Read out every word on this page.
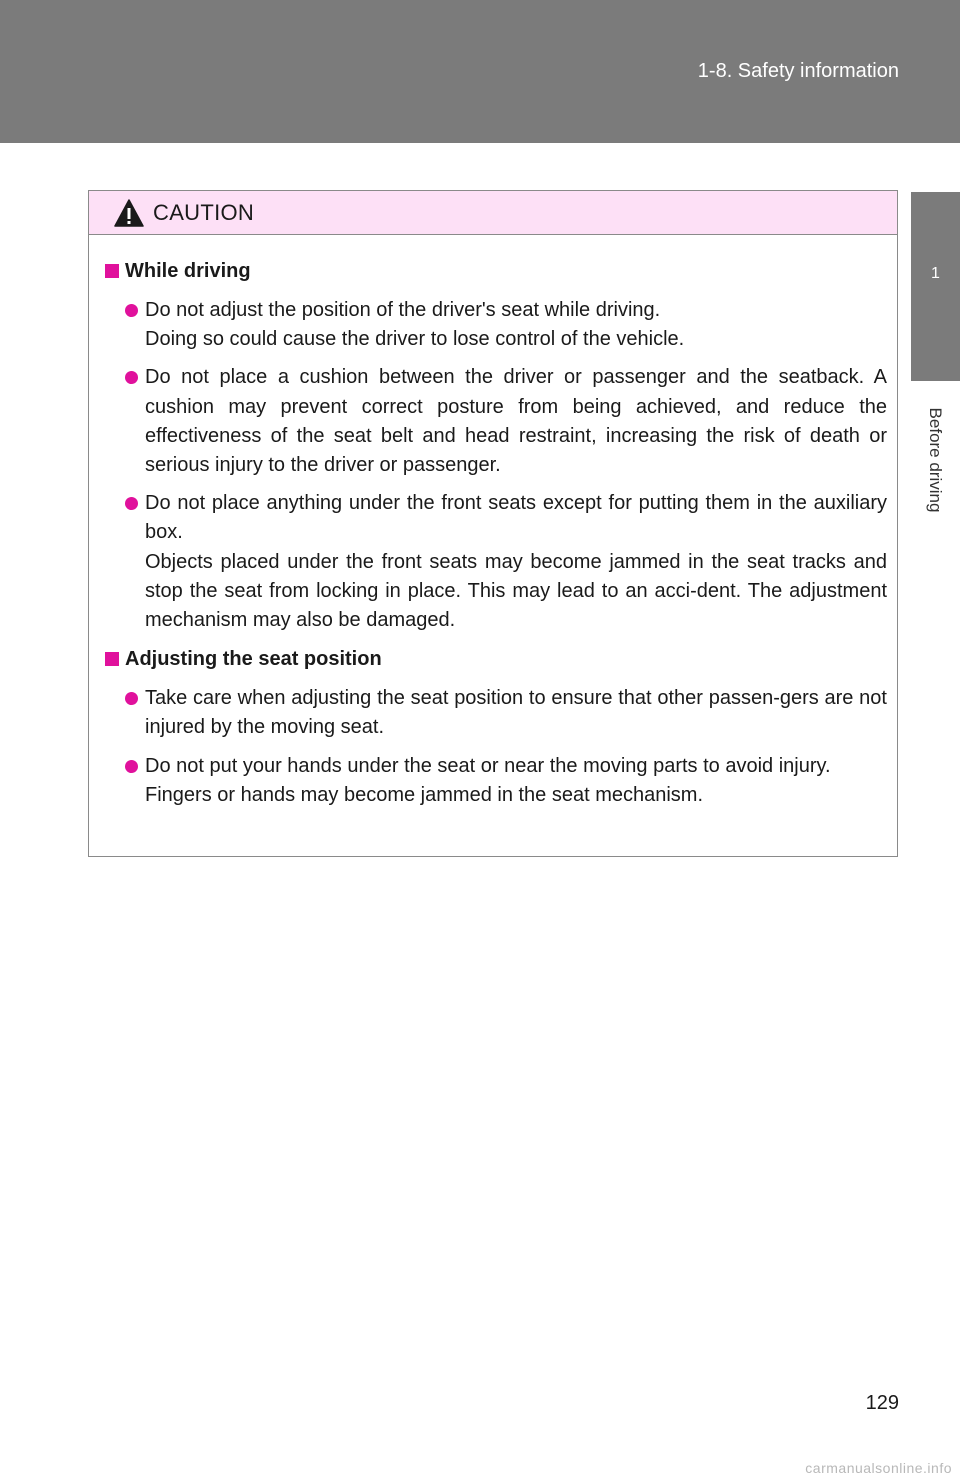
1-8. Safety information
1
Before driving
CAUTION
While driving

Do not adjust the position of the driver's seat while driving.

Doing so could cause the driver to lose control of the vehicle.

Do not place a cushion between the driver or passenger and the seatback. A cushion may prevent correct posture from being achieved, and reduce the effectiveness of the seat belt and head restraint, increasing the risk of death or serious injury to the driver or passenger.

Do not place anything under the front seats except for putting them in the auxiliary box.

Objects placed under the front seats may become jammed in the seat tracks and stop the seat from locking in place. This may lead to an acci-dent. The adjustment mechanism may also be damaged.

Adjusting the seat position

Take care when adjusting the seat position to ensure that other passen-gers are not injured by the moving seat.

Do not put your hands under the seat or near the moving parts to avoid injury.

Fingers or hands may become jammed in the seat mechanism.

129
carmanualsonline.info
